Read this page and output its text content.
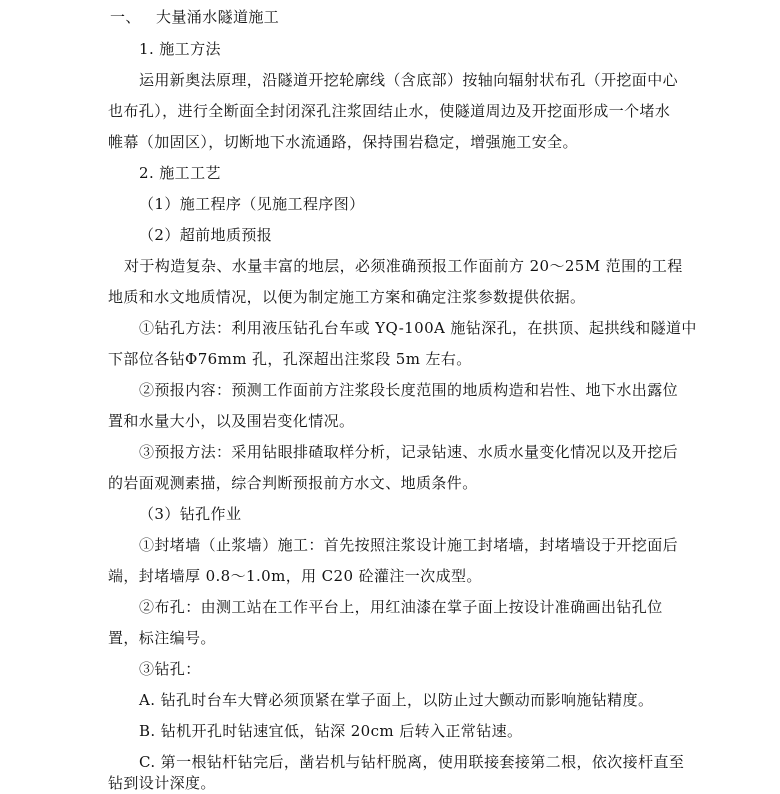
一、 大量涌水隧道施工
1. 施工方法
运用新奥法原理，沿隧道开挖轮廓线（含底部）按轴向辐射状布孔（开挖面中心
也布孔），进行全断面全封闭深孔注浆固结止水，使隧道周边及开挖面形成一个堵水
帷幕（加固区），切断地下水流通路，保持围岩稳定，增强施工安全。
2. 施工工艺
（1）施工程序（见施工程序图）
（2）超前地质预报
对于构造复杂、水量丰富的地层，必须准确预报工作面前方 20～25M 范围的工程
地质和水文地质情况，以便为制定施工方案和确定注浆参数提供依据。
①钻孔方法：利用液压钻孔台车或 YQ-100A 施钻深孔，在拱顶、起拱线和隧道中
下部位各钻Φ76mm 孔，孔深超出注浆段 5m 左右。
②预报内容：预测工作面前方注浆段长度范围的地质构造和岩性、地下水出露位
置和水量大小，以及围岩变化情况。
③预报方法：采用钻眼排碴取样分析，记录钻速、水质水量变化情况以及开挖后
的岩面观测素描，综合判断预报前方水文、地质条件。
（3）钻孔作业
①封堵墙（止浆墙）施工：首先按照注浆设计施工封堵墙，封堵墙设于开挖面后
端，封堵墙厚 0.8～1.0m，用 C20 砼灌注一次成型。
②布孔：由测工站在工作平台上，用红油漆在掌子面上按设计准确画出钻孔位
置，标注编号。
③钻孔：
A. 钻孔时台车大臂必须顶紧在掌子面上，以防止过大颤动而影响施钻精度。
B. 钻机开孔时钻速宜低，钻深 20cm 后转入正常钻速。
C. 第一根钻杆钻完后，凿岩机与钻杆脱离，使用联接套接第二根，依次接杆直至
钻到设计深度。
